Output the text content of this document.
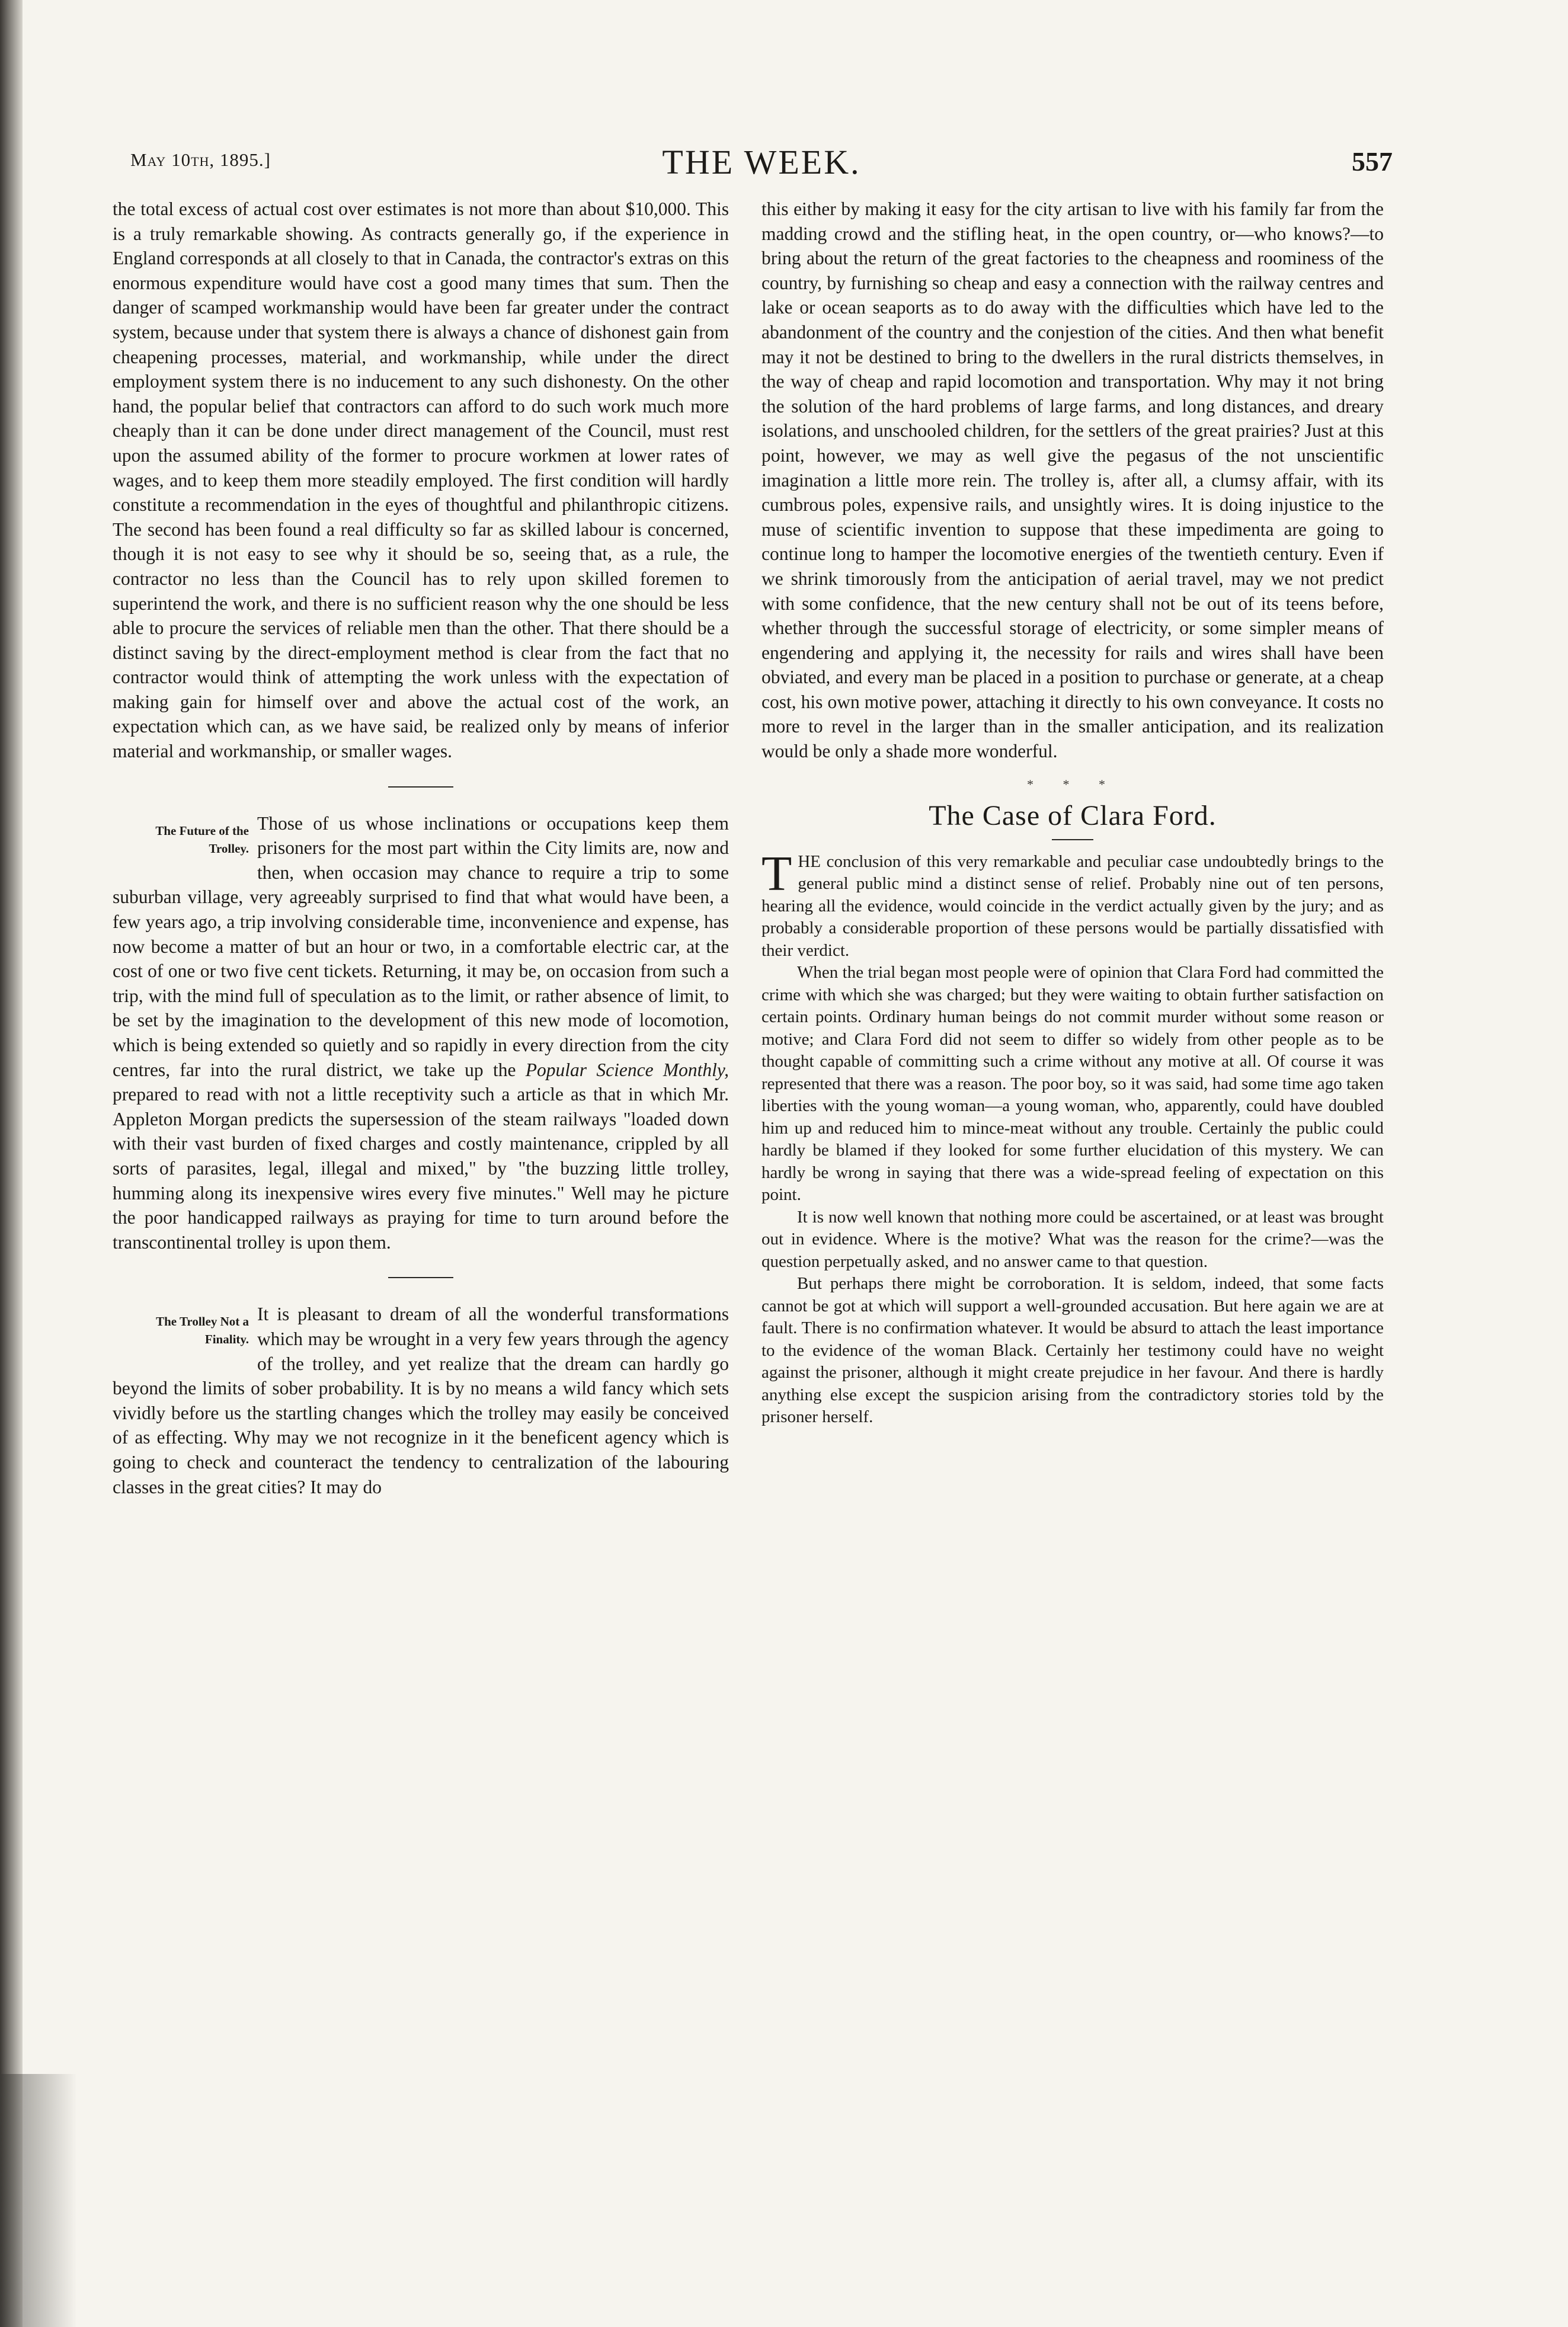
May 10th, 1895.]	THE WEEK.	557

the total excess of actual cost over estimates is not more than about $10,000. This is a truly remarkable showing. As contracts generally go, if the experience in England corresponds at all closely to that in Canada, the contractor's extras on this enormous expenditure would have cost a good many times that sum. Then the danger of scamped workmanship would have been far greater under the contract system, because under that system there is always a chance of dishonest gain from cheapening processes, material, and workmanship, while under the direct employment system there is no inducement to any such dishonesty. On the other hand, the popular belief that contractors can afford to do such work much more cheaply than it can be done under direct management of the Council, must rest upon the assumed ability of the former to procure workmen at lower rates of wages, and to keep them more steadily employed. The first condition will hardly constitute a recommendation in the eyes of thoughtful and philanthropic citizens. The second has been found a real difficulty so far as skilled labour is concerned, though it is not easy to see why it should be so, seeing that, as a rule, the contractor no less than the Council has to rely upon skilled foremen to superintend the work, and there is no sufficient reason why the one should be less able to procure the services of reliable men than the other. That there should be a distinct saving by the direct-employment method is clear from the fact that no contractor would think of attempting the work unless with the expectation of making gain for himself over and above the actual cost of the work, an expectation which can, as we have said, be realized only by means of inferior material and workmanship, or smaller wages.

The Future of the Trolley.

Those of us whose inclinations or occupations keep them prisoners for the most part within the City limits are, now and then, when occasion may chance to require a trip to some suburban village, very agreeably surprised to find that what would have been, a few years ago, a trip involving considerable time, inconvenience and expense, has now become a matter of but an hour or two, in a comfortable electric car, at the cost of one or two five cent tickets. Returning, it may be, on occasion from such a trip, with the mind full of speculation as to the limit, or rather absence of limit, to be set by the imagination to the development of this new mode of locomotion, which is being extended so quietly and so rapidly in every direction from the city centres, far into the rural district, we take up the Popular Science Monthly, prepared to read with not a little receptivity such a article as that in which Mr. Appleton Morgan predicts the supersession of the steam railways "loaded down with their vast burden of fixed charges and costly maintenance, crippled by all sorts of parasites, legal, illegal and mixed," by "the buzzing little trolley, humming along its inexpensive wires every five minutes." Well may he picture the poor handicapped railways as praying for time to turn around before the transcontinental trolley is upon them.

The Trolley Not a Finality.

It is pleasant to dream of all the wonderful transformations which may be wrought in a very few years through the agency of the trolley, and yet realize that the dream can hardly go beyond the limits of sober probability. It is by no means a wild fancy which sets vividly before us the startling changes which the trolley may easily be conceived of as effecting. Why may we not recognize in it the beneficent agency which is going to check and counteract the tendency to centralization of the labouring classes in the great cities? It may do

this either by making it easy for the city artisan to live with his family far from the madding crowd and the stifling heat, in the open country, or—who knows?—to bring about the return of the great factories to the cheapness and roominess of the country, by furnishing so cheap and easy a connection with the railway centres and lake or ocean seaports as to do away with the difficulties which have led to the abandonment of the country and the conjestion of the cities. And then what benefit may it not be destined to bring to the dwellers in the rural districts themselves, in the way of cheap and rapid locomotion and transportation. Why may it not bring the solution of the hard problems of large farms, and long distances, and dreary isolations, and unschooled children, for the settlers of the great prairies? Just at this point, however, we may as well give the pegasus of the not unscientific imagination a little more rein. The trolley is, after all, a clumsy affair, with its cumbrous poles, expensive rails, and unsightly wires. It is doing injustice to the muse of scientific invention to suppose that these impedimenta are going to continue long to hamper the locomotive energies of the twentieth century. Even if we shrink timorously from the anticipation of aerial travel, may we not predict with some confidence, that the new century shall not be out of its teens before, whether through the successful storage of electricity, or some simpler means of engendering and applying it, the necessity for rails and wires shall have been obviated, and every man be placed in a position to purchase or generate, at a cheap cost, his own motive power, attaching it directly to his own conveyance. It costs no more to revel in the larger than in the smaller anticipation, and its realization would be only a shade more wonderful.

* * *
The Case of Clara Ford.

THE conclusion of this very remarkable and peculiar case undoubtedly brings to the general public mind a distinct sense of relief. Probably nine out of ten persons, hearing all the evidence, would coincide in the verdict actually given by the jury; and as probably a considerable proportion of these persons would be partially dissatisfied with their verdict.

When the trial began most people were of opinion that Clara Ford had committed the crime with which she was charged; but they were waiting to obtain further satisfaction on certain points. Ordinary human beings do not commit murder without some reason or motive; and Clara Ford did not seem to differ so widely from other people as to be thought capable of committing such a crime without any motive at all. Of course it was represented that there was a reason. The poor boy, so it was said, had some time ago taken liberties with the young woman—a young woman, who, apparently, could have doubled him up and reduced him to mince-meat without any trouble. Certainly the public could hardly be blamed if they looked for some further elucidation of this mystery. We can hardly be wrong in saying that there was a wide-spread feeling of expectation on this point.

It is now well known that nothing more could be ascertained, or at least was brought out in evidence. Where is the motive? What was the reason for the crime?—was the question perpetually asked, and no answer came to that question.

But perhaps there might be corroboration. It is seldom, indeed, that some facts cannot be got at which will support a well-grounded accusation. But here again we are at fault. There is no confirmation whatever. It would be absurd to attach the least importance to the evidence of the woman Black. Certainly her testimony could have no weight against the prisoner, although it might create prejudice in her favour. And there is hardly anything else except the suspicion arising from the contradictory stories told by the prisoner herself.
